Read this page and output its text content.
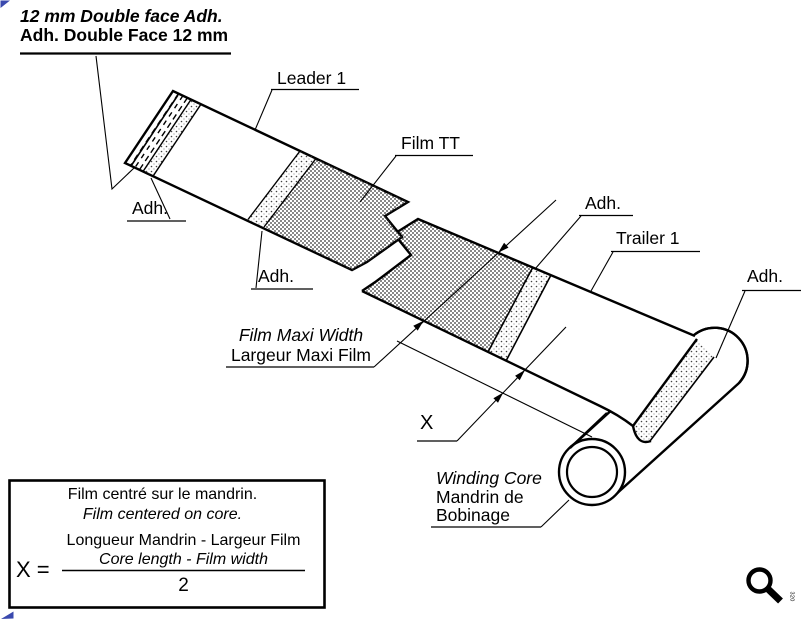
320
12 mm Double face Adh.
Adh. Double Face 12 mm
Leader 1
Film TT
Adh.
Adh.
Adh.
Trailer 1
Adh.
Film Maxi Width
Largeur Maxi Film
X
Winding Core
Mandrin de
Bobinage
Film centré sur le mandrin.
Film centered on core.
Longueur Mandrin - Largeur Film
Core length - Film width
2
X =
